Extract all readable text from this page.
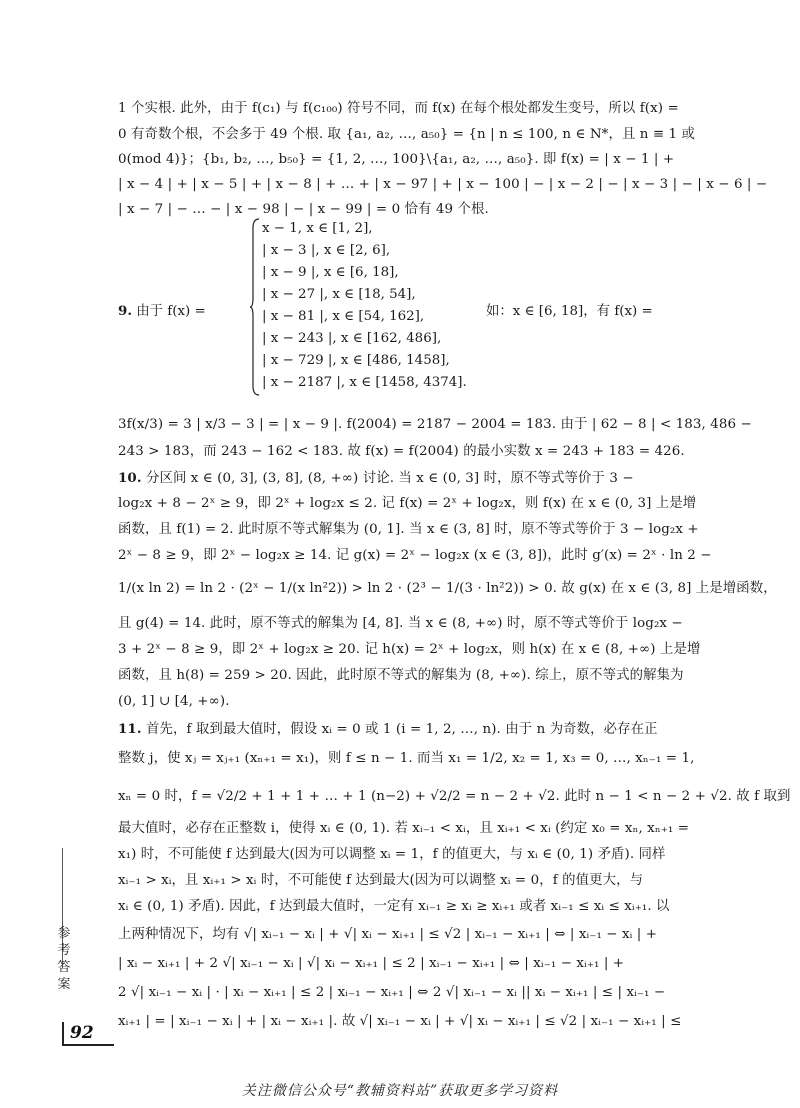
1 个实根. 此外，由于 f(c₁) 与 f(c₁₀₀) 符号不同，而 f(x) 在每个根处都发生变号，所以 f(x) =
0 有奇数个根，不会多于 49 个根. 取 {a₁, a₂, …, a₅₀} = {n | n ≤ 100, n ∈ N*，且 n ≡ 1 或
0(mod 4)}；{b₁, b₂, …, b₅₀} = {1, 2, …, 100}\{a₁, a₂, …, a₅₀}. 即 f(x) = | x − 1 | +
| x − 4 | + | x − 5 | + | x − 8 | + … + | x − 97 | + | x − 100 | − | x − 2 | − | x − 3 | − | x − 6 | −
| x − 7 | − … − | x − 98 | − | x − 99 | = 0 恰有 49 个根.
9. 由于 f(x) =
x − 1, x ∈ [1, 2],
| x − 3 |, x ∈ [2, 6],
| x − 9 |, x ∈ [6, 18],
| x − 27 |, x ∈ [18, 54],
| x − 81 |, x ∈ [54, 162],
| x − 243 |, x ∈ [162, 486],
| x − 729 |, x ∈ [486, 1458],
| x − 2187 |, x ∈ [1458, 4374].
如：x ∈ [6, 18]，有 f(x) =
3f(x/3) = 3 | x/3 − 3 | = | x − 9 |. f(2004) = 2187 − 2004 = 183. 由于 | 62 − 8 | < 183, 486 −
243 > 183，而 243 − 162 < 183. 故 f(x) = f(2004) 的最小实数 x = 243 + 183 = 426.
10. 分区间 x ∈ (0, 3], (3, 8], (8, +∞) 讨论. 当 x ∈ (0, 3] 时，原不等式等价于 3 −
log₂x + 8 − 2ˣ ≥ 9，即 2ˣ + log₂x ≤ 2. 记 f(x) = 2ˣ + log₂x，则 f(x) 在 x ∈ (0, 3] 上是增
函数，且 f(1) = 2. 此时原不等式解集为 (0, 1]. 当 x ∈ (3, 8] 时，原不等式等价于 3 − log₂x +
2ˣ − 8 ≥ 9，即 2ˣ − log₂x ≥ 14. 记 g(x) = 2ˣ − log₂x (x ∈ (3, 8])，此时 g′(x) = 2ˣ · ln 2 −
1/(x ln 2) = ln 2 · (2ˣ − 1/(x ln²2)) > ln 2 · (2³ − 1/(3 · ln²2)) > 0. 故 g(x) 在 x ∈ (3, 8] 上是增函数，
且 g(4) = 14. 此时，原不等式的解集为 [4, 8]. 当 x ∈ (8, +∞) 时，原不等式等价于 log₂x −
3 + 2ˣ − 8 ≥ 9，即 2ˣ + log₂x ≥ 20. 记 h(x) = 2ˣ + log₂x，则 h(x) 在 x ∈ (8, +∞) 上是增
函数，且 h(8) = 259 > 20. 因此，此时原不等式的解集为 (8, +∞). 综上，原不等式的解集为
(0, 1] ∪ [4, +∞).
11. 首先，f 取到最大值时，假设 xᵢ = 0 或 1 (i = 1, 2, …, n). 由于 n 为奇数，必存在正
整数 j，使 xⱼ = xⱼ₊₁ (xₙ₊₁ = x₁)，则 f ≤ n − 1. 而当 x₁ = 1/2, x₂ = 1, x₃ = 0, …, xₙ₋₁ = 1,
xₙ = 0 时，f = √2/2 + 1 + 1 + … + 1 (n−2) + √2/2 = n − 2 + √2. 此时 n − 1 < n − 2 + √2. 故 f 取到
最大值时，必存在正整数 i，使得 xᵢ ∈ (0, 1). 若 xᵢ₋₁ < xᵢ，且 xᵢ₊₁ < xᵢ (约定 x₀ = xₙ, xₙ₊₁ =
x₁) 时，不可能使 f 达到最大(因为可以调整 xᵢ = 1，f 的值更大，与 xᵢ ∈ (0, 1) 矛盾). 同样
xᵢ₋₁ > xᵢ，且 xᵢ₊₁ > xᵢ 时，不可能使 f 达到最大(因为可以调整 xᵢ = 0，f 的值更大，与
xᵢ ∈ (0, 1) 矛盾). 因此，f 达到最大值时，一定有 xᵢ₋₁ ≥ xᵢ ≥ xᵢ₊₁ 或者 xᵢ₋₁ ≤ xᵢ ≤ xᵢ₊₁. 以
上两种情况下，均有 √| xᵢ₋₁ − xᵢ | + √| xᵢ − xᵢ₊₁ | ≤ √2 | xᵢ₋₁ − xᵢ₊₁ | ⇔ | xᵢ₋₁ − xᵢ | +
| xᵢ − xᵢ₊₁ | + 2 √| xᵢ₋₁ − xᵢ | √| xᵢ − xᵢ₊₁ | ≤ 2 | xᵢ₋₁ − xᵢ₊₁ | ⇔ | xᵢ₋₁ − xᵢ₊₁ | +
2 √| xᵢ₋₁ − xᵢ | · | xᵢ − xᵢ₊₁ | ≤ 2 | xᵢ₋₁ − xᵢ₊₁ | ⇔ 2 √| xᵢ₋₁ − xᵢ || xᵢ − xᵢ₊₁ | ≤ | xᵢ₋₁ −
xᵢ₊₁ | = | xᵢ₋₁ − xᵢ | + | xᵢ − xᵢ₊₁ |. 故 √| xᵢ₋₁ − xᵢ | + √| xᵢ − xᵢ₊₁ | ≤ √2 | xᵢ₋₁ − xᵢ₊₁ | ≤
参
考
答
案
92
关注微信公众号“教辅资料站”获取更多学习资料
